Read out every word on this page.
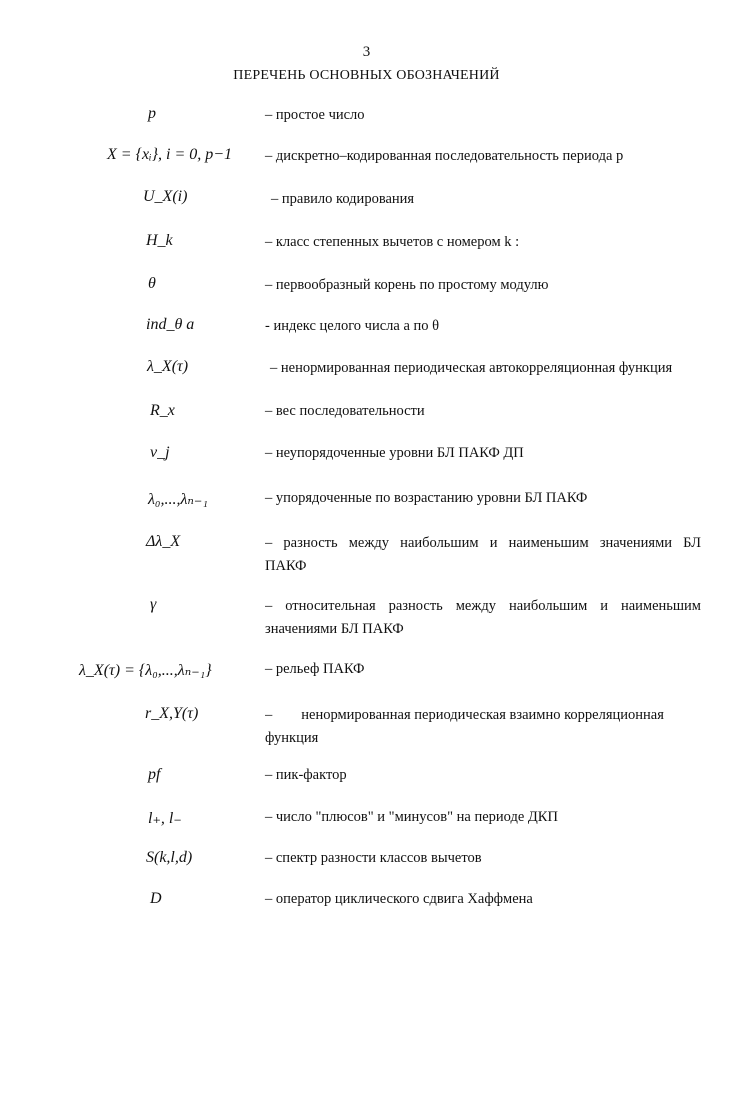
3
ПЕРЕЧЕНЬ ОСНОВНЫХ ОБОЗНАЧЕНИЙ
p	– простое число
X = {xᵢ}, i = 0, p−1 – дискретно–кодированная последовательность периода p
U_X(i)	– правило кодирования
H_k	– класс степенных вычетов с номером k :
θ	– первообразный корень по простому модулю
ind_θ a	- индекс целого числа a по θ
λ_X(τ)	– ненормированная периодическая автокорреляционная функция
R_x	– вес последовательности
v_j	– неупорядоченные уровни БЛ ПАКФ ДП
λ₀,...,λₙ₋₁	– упорядоченные по возрастанию уровни БЛ ПАКФ
Δλ_X	– разность между наибольшим и наименьшим значениями БЛ
ПАКФ
γ	– относительная разность между наибольшим и наименьшим
значениями БЛ ПАКФ
λ_X(τ) = {λ₀,...,λₙ₋₁}	– рельеф ПАКФ
r_X,Y(τ)	–        ненормированная периодическая взаимно корреляционная
функция
pf	– пик-фактор
l₊, l₋	– число "плюсов" и "минусов" на периоде ДКП
S(k,l,d)	– спектр разности классов вычетов
D	– оператор циклического сдвига Хаффмена
